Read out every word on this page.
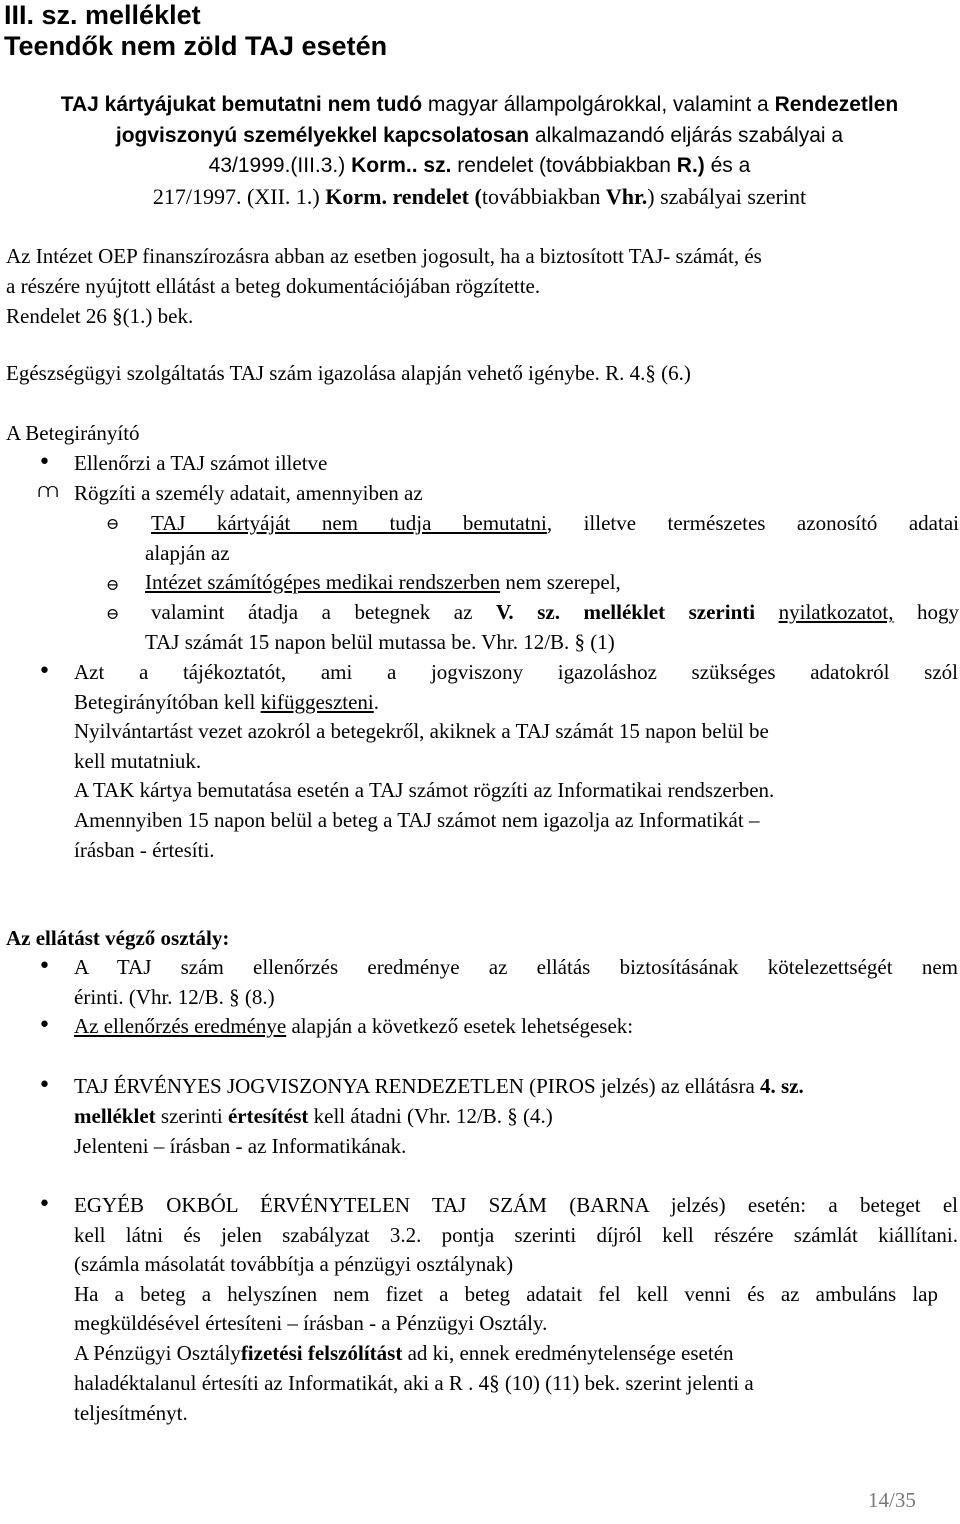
III. sz. melléklet
Teendők nem zöld TAJ esetén
TAJ kártyájukat bemutatni nem tudó magyar állampolgárokkal, valamint a Rendezetlen
jogviszonyú személyekkel kapcsolatosan alkalmazandó eljárás szabályai a
43/1999.(III.3.) Korm.. sz. rendelet (továbbiakban R.) és a
217/1997. (XII. 1.) Korm. rendelet (továbbiakban Vhr.) szabályai szerint
Az Intézet OEP finanszírozásra abban az esetben jogosult, ha a biztosított TAJ- számát, és
a részére nyújtott ellátást a beteg dokumentációjában rögzítette.
Rendelet 26 §(1.) bek.
Egészségügyi szolgáltatás TAJ szám igazolása alapján vehető igénybe. R. 4.§ (6.)
A Betegirányító
• Ellenőrzi a TAJ számot illetve
⩋ Rögzíti a személy adatait, amennyiben az
⊖ TAJ kártyáját nem tudja bemutatni, illetve természetes azonosító adatai
alapján az
⊖ Intézet számítógépes medikai rendszerben nem szerepel,
⊖ valamint átadja a betegnek az V. sz. melléklet szerinti nyilatkozatot, hogy
TAJ számát 15 napon belül mutassa be. Vhr. 12/B. § (1)
• Azt a tájékoztatót, ami a jogviszony igazoláshoz szükséges adatokról szól
Betegirányítóban kell kifüggeszteni.
Nyilvántartást vezet azokról a betegekről, akiknek a TAJ számát 15 napon belül be
kell mutatniuk.
A TAK kártya bemutatása esetén a TAJ számot rögzíti az Informatikai rendszerben.
Amennyiben 15 napon belül a beteg a TAJ számot nem igazolja az Informatikát –
írásban - értesíti.
Az ellátást végző osztály:
• A TAJ szám ellenőrzés eredménye az ellátás biztosításának kötelezettségét nem
érinti. (Vhr. 12/B. § (8.)
• Az ellenőrzés eredménye alapján a következő esetek lehetségesek:
• TAJ ÉRVÉNYES JOGVISZONYA RENDEZETLEN (PIROS jelzés) az ellátásra 4. sz.
melléklet szerinti értesítést kell átadni (Vhr. 12/B. § (4.)
Jelenteni – írásban - az Informatikának.
• EGYÉB OKBÓL ÉRVÉNYTELEN TAJ SZÁM (BARNA jelzés) esetén: a beteget el
kell látni és jelen szabályzat 3.2. pontja szerinti díjról kell részére számlát kiállítani.
(számla másolatát továbbítja a pénzügyi osztálynak)
Ha a beteg a helyszínen nem fizet a beteg adatait fel kell venni és az ambuláns lap
megküldésével értesíteni – írásban - a Pénzügyi Osztály.
A Pénzügyi Osztályfizetési felszólítást ad ki, ennek eredménytelensége esetén
haladéktalanul értesíti az Informatikát, aki a R . 4§ (10) (11) bek. szerint jelenti a
teljesítményt.
14/35
